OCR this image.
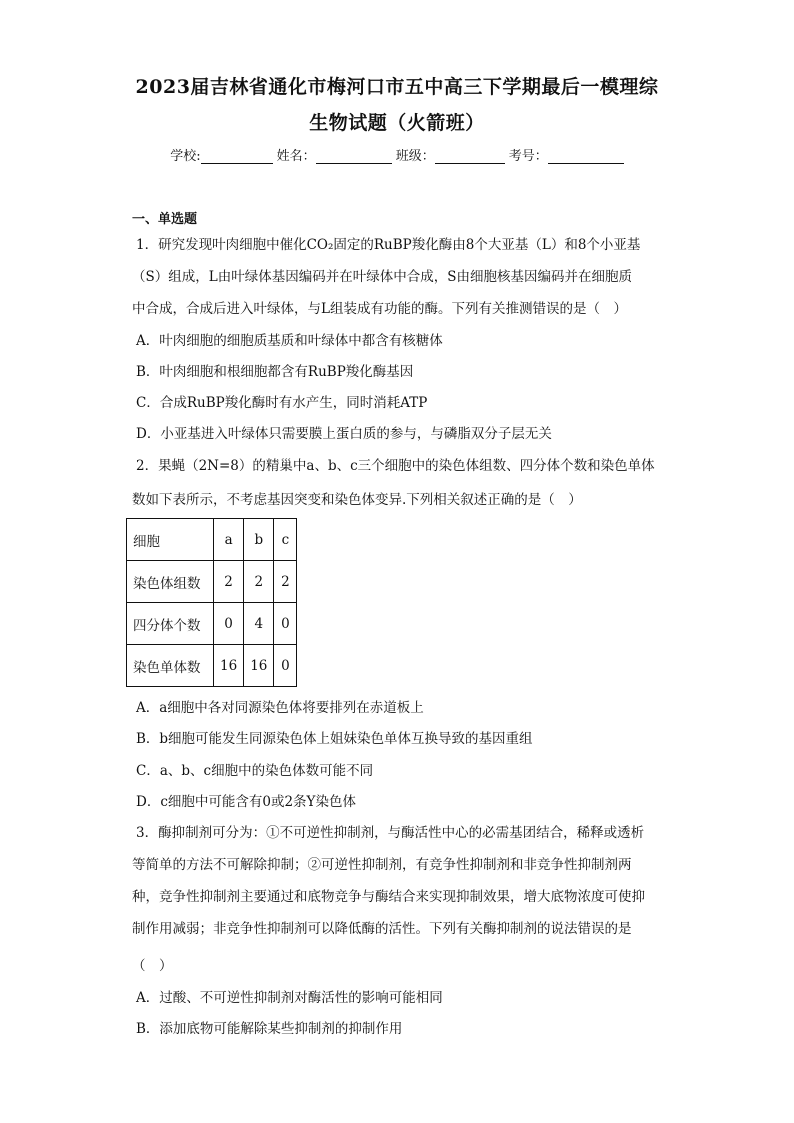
2023届吉林省通化市梅河口市五中高三下学期最后一模理综
生物试题（火箭班）
学校:	姓名：	班级：	考号：
一、单选题
1．研究发现叶肉细胞中催化CO₂固定的RuBP羧化酶由8个大亚基（L）和8个小亚基
（S）组成，L由叶绿体基因编码并在叶绿体中合成，S由细胞核基因编码并在细胞质
中合成，合成后进入叶绿体，与L组装成有功能的酶。下列有关推测错误的是（　）
A．叶肉细胞的细胞质基质和叶绿体中都含有核糖体
B．叶肉细胞和根细胞都含有RuBP羧化酶基因
C．合成RuBP羧化酶时有水产生，同时消耗ATP
D．小亚基进入叶绿体只需要膜上蛋白质的参与，与磷脂双分子层无关
2．果蝇（2N=8）的精巢中a、b、c三个细胞中的染色体组数、四分体个数和染色单体
数如下表所示，不考虑基因突变和染色体变异.下列相关叙述正确的是（　）
细胞	a	b	c
染色体组数	2	2	2
四分体个数	0	4	0
染色单体数	16	16	0
A．a细胞中各对同源染色体将要排列在赤道板上
B．b细胞可能发生同源染色体上姐妹染色单体互换导致的基因重组
C．a、b、c细胞中的染色体数可能不同
D．c细胞中可能含有0或2条Y染色体
3．酶抑制剂可分为：①不可逆性抑制剂，与酶活性中心的必需基团结合，稀释或透析
等简单的方法不可解除抑制；②可逆性抑制剂，有竞争性抑制剂和非竞争性抑制剂两
种，竞争性抑制剂主要通过和底物竞争与酶结合来实现抑制效果，增大底物浓度可使抑
制作用减弱；非竞争性抑制剂可以降低酶的活性。下列有关酶抑制剂的说法错误的是
（　）
A．过酸、不可逆性抑制剂对酶活性的影响可能相同
B．添加底物可能解除某些抑制剂的抑制作用
